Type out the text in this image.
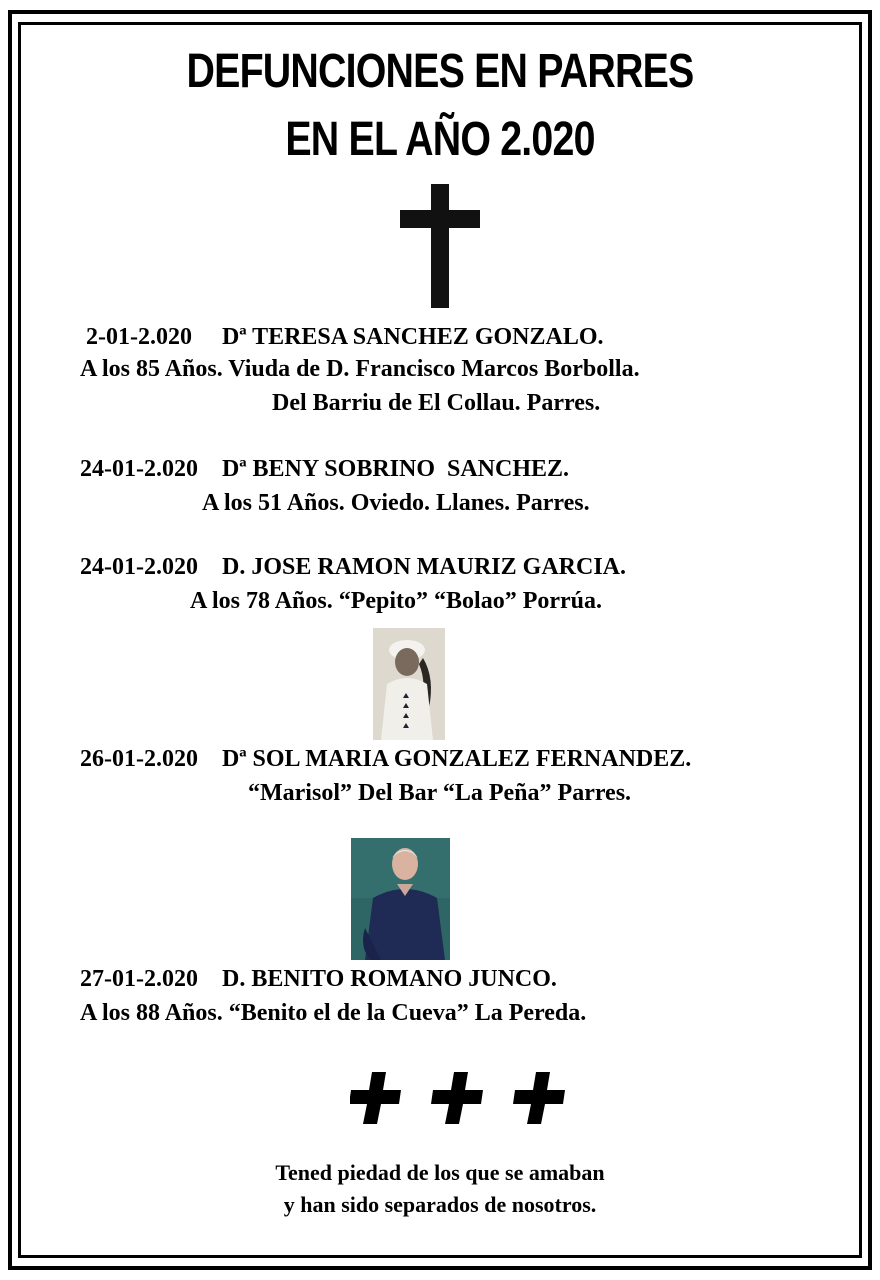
DEFUNCIONES EN PARRES
EN EL AÑO 2.020
2-01-2.020     Dª TERESA SANCHEZ GONZALO.
A los 85 Años. Viuda de D. Francisco Marcos Borbolla.
Del Barriu de El Collau. Parres.
24-01-2.020    Dª BENY SOBRINO  SANCHEZ.
A los 51 Años. Oviedo. Llanes. Parres.
24-01-2.020    D. JOSE RAMON MAURIZ GARCIA.
A los 78 Años. “Pepito” “Bolao” Porrúa.
26-01-2.020    Dª SOL MARIA GONZALEZ FERNANDEZ.
“Marisol” Del Bar “La Peña” Parres.
27-01-2.020    D. BENITO ROMANO JUNCO.
A los 88 Años. “Benito el de la Cueva” La Pereda.
Tened piedad de los que se amaban
y han sido separados de nosotros.
